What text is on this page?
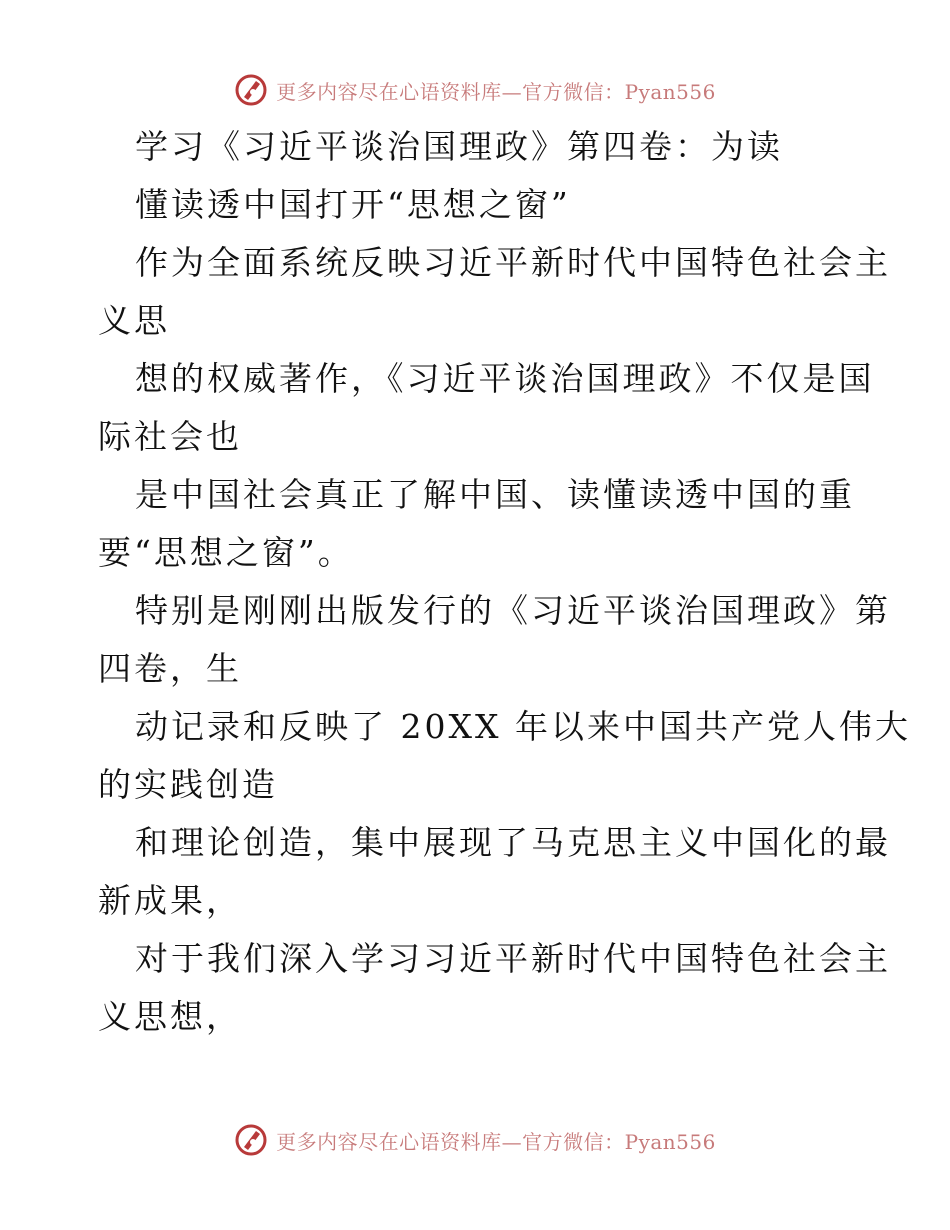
更多内容尽在心语资料库—官方微信：Pyan556
学习《习近平谈治国理政》第四卷：为读
懂读透中国打开“思想之窗”
作为全面系统反映习近平新时代中国特色社会主
义思
想的权威著作，《习近平谈治国理政》不仅是国
际社会也
是中国社会真正了解中国、读懂读透中国的重
要“思想之窗”。
特别是刚刚出版发行的《习近平谈治国理政》第
四卷，生
动记录和反映了 20XX 年以来中国共产党人伟大
的实践创造
和理论创造，集中展现了马克思主义中国化的最
新成果，
对于我们深入学习习近平新时代中国特色社会主
义思想，
更多内容尽在心语资料库—官方微信：Pyan556
